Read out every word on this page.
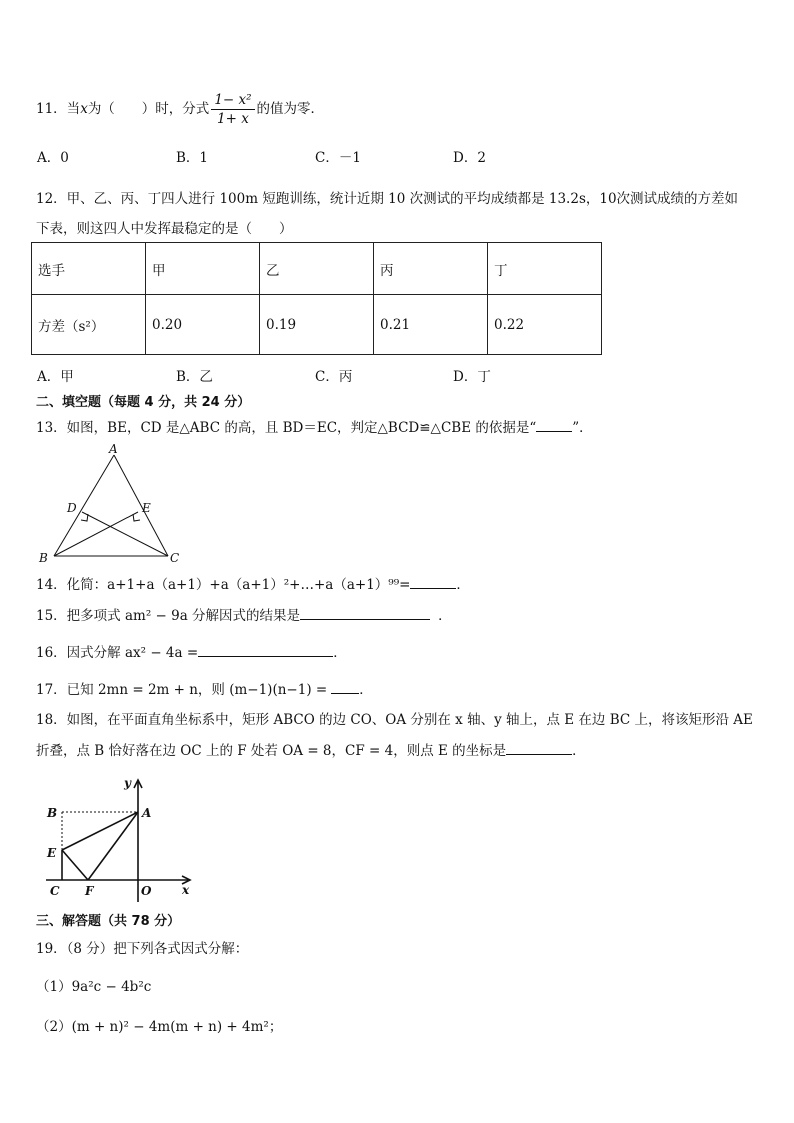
11．当x为（　　）时，分式 $\frac{\text{1− x²}}{1+ x}$ 的值为零．
A．0	B．1	C．－1	D．2
12．甲、乙、丙、丁四人进行 100m 短跑训练，统计近期 10 次测试的平均成绩都是 13.2s，10次测试成绩的方差如
下表，则这四人中发挥最稳定的是（　　）
选手	甲	乙	丙	丁
方差（s²）	0.20	0.19	0.21	0.22
A．甲	B．乙	C．丙	D．丁
二、填空题（每题 4 分，共 24 分）
13．如图，BE，CD 是△ABC 的高，且 BD＝EC，判定△BCD≌△CBE 的依据是“	”．
A
D	E
B	C
14．化简：a+1+a（a+1）+a（a+1）²+…+a（a+1）⁹⁹=	．
15．把多项式 am² − 9a 分解因式的结果是	．
16．因式分解 ax² − 4a =	．
17．已知 2mn = 2m + n，则 (m−1)(n−1) = ．
18．如图，在平面直角坐标系中，矩形 ABCO 的边 CO、OA 分别在 x 轴、y 轴上，点 E 在边 BC 上，将该矩形沿 AE
折叠，点 B 恰好落在边 OC 上的 F 处若 OA = 8，CF = 4，则点 E 的坐标是	．
y
x
A
B
E
C F	O
三、解答题（共 78 分）
19．（8 分）把下列各式因式分解：
（1）9a²c − 4b²c
（2）(m + n)² − 4m(m + n) + 4m²；
